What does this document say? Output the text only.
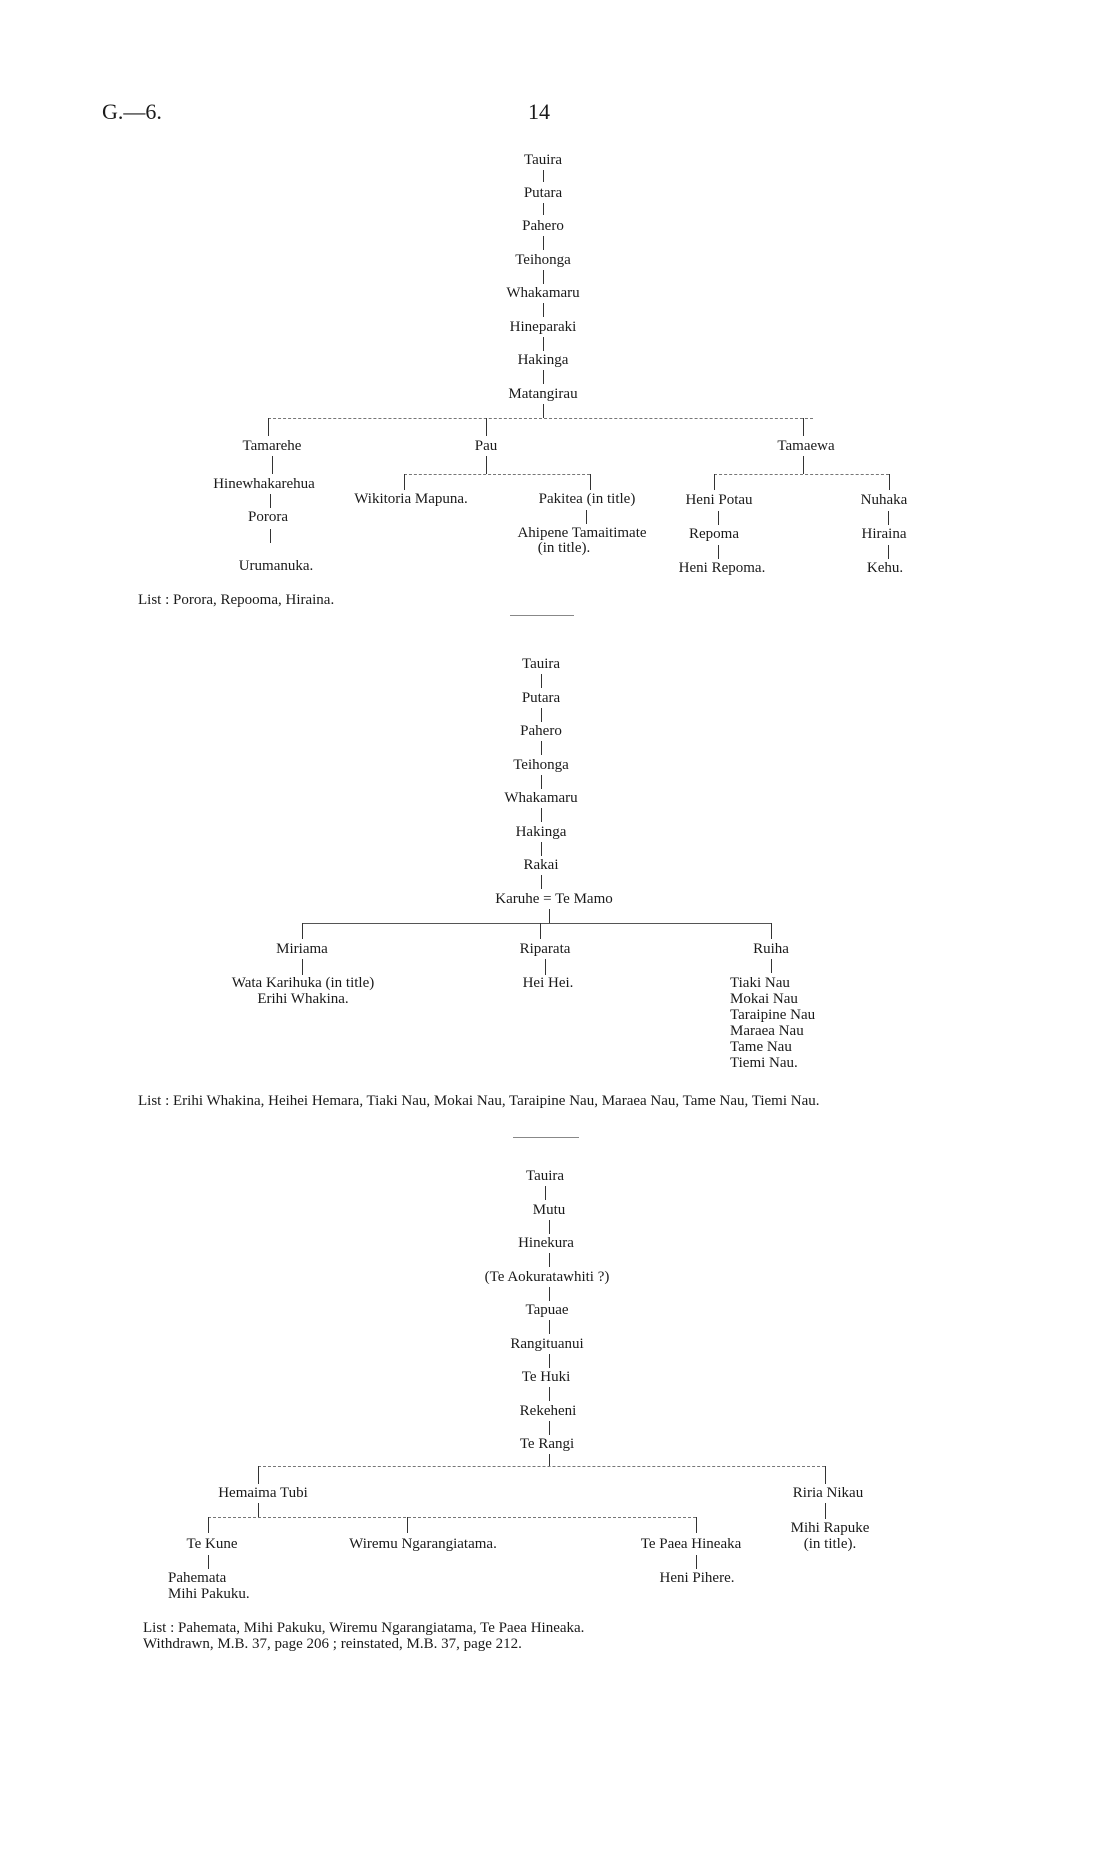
G.—6.	14
Tauira
Putara
Pahero
Teihonga
Whakamaru
Hineparaki
Hakinga
Matangirau
Tamarehe
Hinewhakarehua
Porora
Urumanuka.
Pau
Wikitoria Mapuna.	Pakitea (in title)
Ahipene Tamaitimate
(in title).
Tamaewa
Heni Potau
Repoma
Heni Repoma.
Nuhaka
Hiraina
Kehu.
List : Porora, Repooma, Hiraina.
Tauira
Putara
Pahero
Teihonga
Whakamaru
Hakinga
Rakai
Karuhe = Te Mamo
Miriama
Wata Karihuka (in title)
Erihi Whakina.
Riparata
Hei Hei.
Ruiha
Tiaki Nau
Mokai Nau
Taraipine Nau
Maraea Nau
Tame Nau
Tiemi Nau.
List : Erihi Whakina, Heihei Hemara, Tiaki Nau, Mokai Nau, Taraipine Nau, Maraea Nau, Tame Nau, Tiemi Nau.
Tauira
Mutu
Hinekura
(Te Aokuratawhiti ?)
Tapuae
Rangituanui
Te Huki
Rekeheni
Te Rangi
Hemaima Tubi
Te Kune
Pahemata
Mihi Pakuku.
Wiremu Ngarangiatama.	Te Paea Hineaka
Heni Pihere.
Riria Nikau
Mihi Rapuke
(in title).
List : Pahemata, Mihi Pakuku, Wiremu Ngarangiatama, Te Paea Hineaka.
Withdrawn, M.B. 37, page 206 ; reinstated, M.B. 37, page 212.
